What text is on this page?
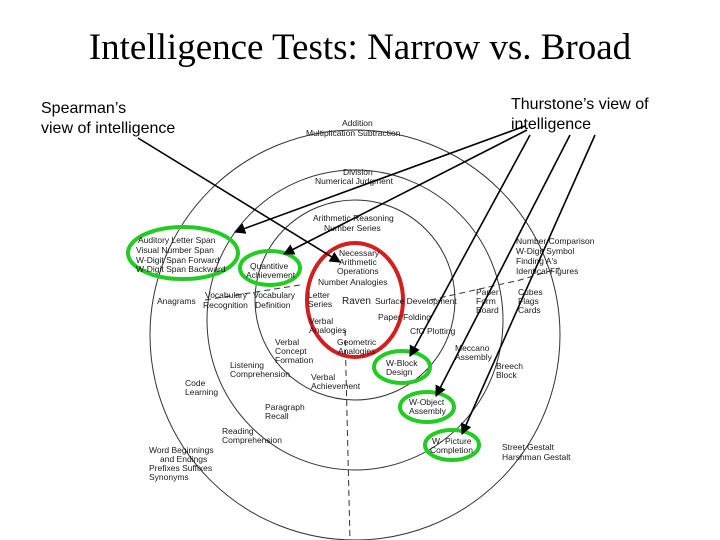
Intelligence Tests: Narrow vs. Broad
Spearman’s
view of intelligence
Thurstone’s view of
intelligence
Addition
Multiplication Subtraction
Division
Numerical Judgment
Arithmetic Reasoning
Number Series
Necessary
Arithmetic
Operations
Number Analogies
Raven Surface Development
Paper Folding
CfC Plotting
Verbal
Analogies
Geometric
Analogies
Letter
Series
Quantitive
Achievement
Auditory Letter Span
Visual Number Span
W-Digit Span Forward
W-Digit Span Backward
Vocabulary
Recognition
Vocabulary
Definition
Anagrams
Verbal
Concept
Formation
Listening
Comprehension Verbal
Achievement
Code
Learning
Paragraph
Recall
Reading
Comprehension
Word Beginnings
and Endings
Prefixes Suffixes
Synonyms
W-Block
Design
W-Object
Assembly
W- Picture
Completion
Meccano
Assembly
Breech
Block
Street Gestalt
Harshman Gestalt
Paper
Form
Board
Cubes
Flags
Cards
Number Comparison
W-Digit Symbol
Finding A's
Identical Figures
